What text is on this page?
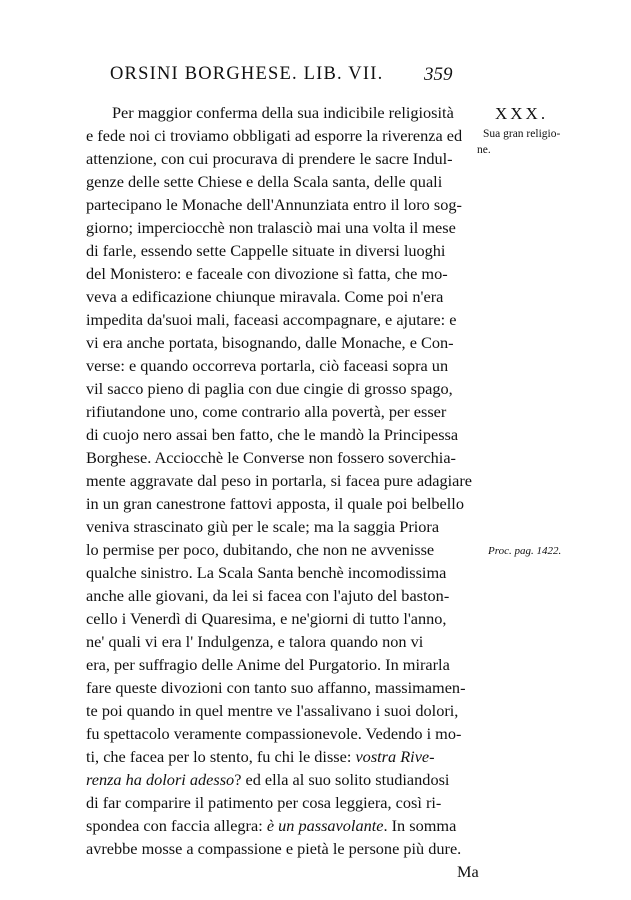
ORSINI BORGHESE. LIB. VII. 359
XXX.
Sua gran religio-
ne.
Proc. pag. 1422.
Per maggior conferma della sua indicibile religiosità
e fede noi ci troviamo obbligati ad esporre la riverenza ed
attenzione, con cui procurava di prendere le sacre Indul-
genze delle sette Chiese e della Scala santa, delle quali
partecipano le Monache dell'Annunziata entro il loro sog-
giorno; imperciocchè non tralasciò mai una volta il mese
di farle, essendo sette Cappelle situate in diversi luoghi
del Monistero: e faceale con divozione sì fatta, che mo-
veva a edificazione chiunque miravala. Come poi n'era
impedita da'suoi mali, faceasi accompagnare, e ajutare: e
vi era anche portata, bisognando, dalle Monache, e Con-
verse: e quando occorreva portarla, ciò faceasi sopra un
vil sacco pieno di paglia con due cingie di grosso spago,
rifiutandone uno, come contrario alla povertà, per esser
di cuojo nero assai ben fatto, che le mandò la Principessa
Borghese. Acciocchè le Converse non fossero soverchia-
mente aggravate dal peso in portarla, si facea pure adagiare
in un gran canestrone fattovi apposta, il quale poi belbello
veniva strascinato giù per le scale; ma la saggia Priora
lo permise per poco, dubitando, che non ne avvenisse
qualche sinistro. La Scala Santa benchè incomodissima
anche alle giovani, da lei si facea con l'ajuto del baston-
cello i Venerdì di Quaresima, e ne'giorni di tutto l'anno,
ne' quali vi era l' Indulgenza, e talora quando non vi
era, per suffragio delle Anime del Purgatorio. In mirarla
fare queste divozioni con tanto suo affanno, massimamen-
te poi quando in quel mentre ve l'assalivano i suoi dolori,
fu spettacolo veramente compassionevole. Vedendo i mo-
ti, che facea per lo stento, fu chi le disse: vostra Rive-
renza ha dolori adesso? ed ella al suo solito studiandosi
di far comparire il patimento per cosa leggiera, così ri-
spondea con faccia allegra: è un passavolante. In somma
avrebbe mosse a compassione e pietà le persone più dure.
Ma
